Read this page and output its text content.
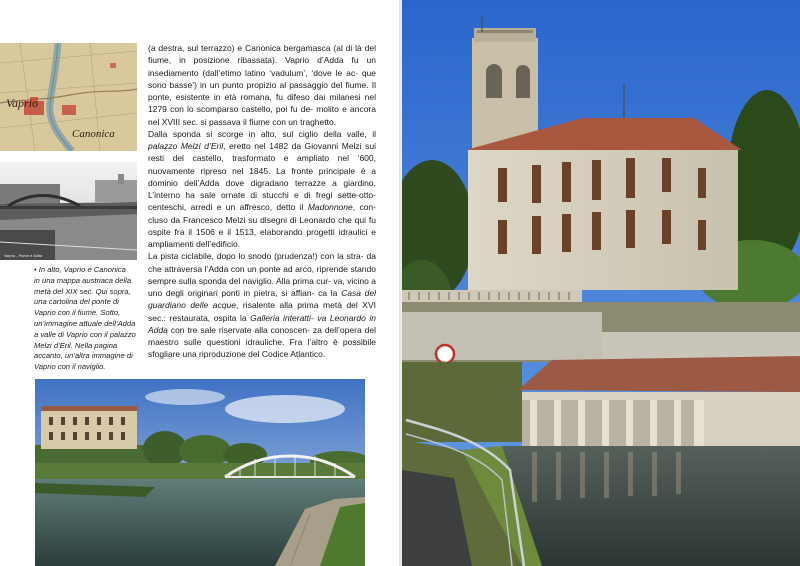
Vaprio
Canonica
Vaprio – Ponte e Adda
• In alto, Vaprio e Canonica
in una mappa austriaca della
metà del XIX sec. Qui sopra,
una cartolina del ponte di
Vaprio con il fiume. Sotto,
un’immagine attuale dell’Adda
a valle di Vaprio con il palazzo
Melzi d’Eril. Nella pagina
accanto, un’altra immagine di
Vaprio con il naviglio.

(a destra, sul terrazzo) e Canonica bergamasca (al di là del fiume, in posizione ribassata). Vaprio d’Adda fu un insediamento (dall’etimo latino ‘vadulum’, ‘dove le ac- que sono basse’) in un punto propizio al passaggio del fiume. Il ponte, esistente in età romana, fu difeso dai milanesi nel 1279 con lo scomparso castello, poi fu de- molito e ancora nel XVIII sec. si passava il fiume con un traghetto.

Dalla sponda si scorge in alto, sul ciglio della valle, il palazzo Melzi d’Eril, eretto nel 1482 da Giovanni Melzi sui resti del castello, trasformato e ampliato nel ’600, nuovamente ripreso nel 1845. La fronte principale è a dominio dell’Adda dove digradano terrazze a giardino. L’interno ha sale ornate di stucchi e di fregi sette-otto- centeschi, arredi e un affresco, detto il Madonnone, con- cluso da Francesco Melzi su disegni di Leonardo che qui fu ospite fra il 1506 e il 1513, elaborando progetti idraulici e ampliamenti dell’edificio.

La pista ciclabile, dopo lo snodo (prudenza!) con la stra- da che attraversa l’Adda con un ponte ad arco, riprende stando sempre sulla sponda del naviglio. Alla prima cur- va, vicino a uno degli originari ponti in pietra, si affian- ca la Casa del guardiano delle acque, risalente alla prima metà del XVI sec.: restaurata, ospita la Galleria interatti- va Leonardo in Adda con tre sale riservate alla conoscen- za dell’opera del maestro sulle questioni idrauliche. Fra l’altro è possibile sfogliare una riproduzione del Codice Atlantico.
